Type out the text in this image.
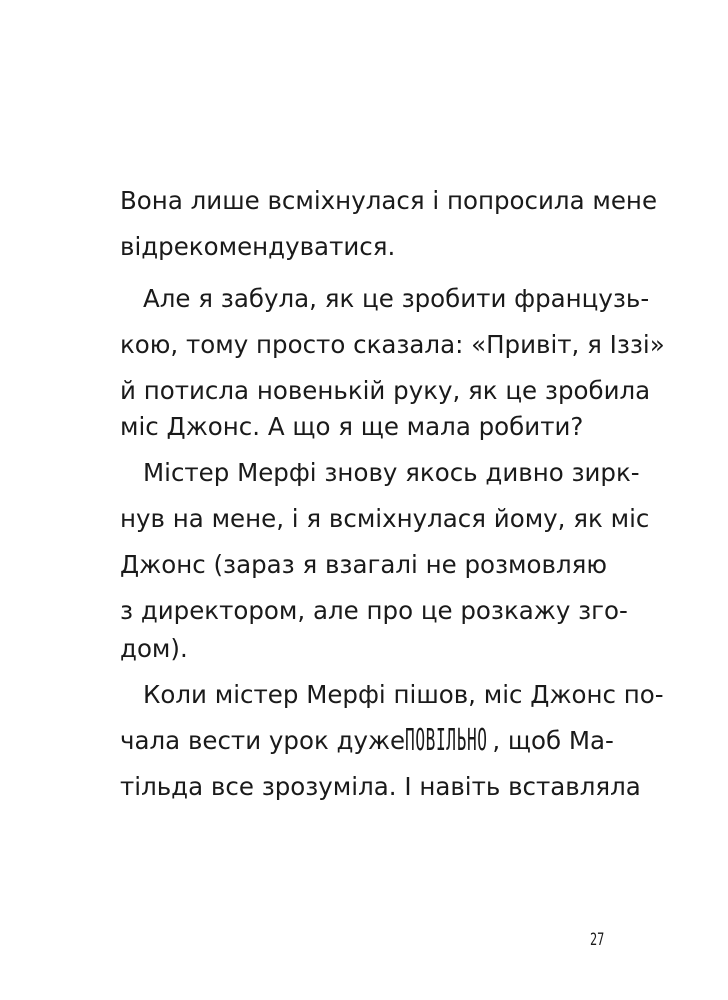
Вона лише всміхнулася і попросила мене
відрекомендуватися.
Але я забула, як це зробити французь-
кою, тому просто сказала: «Привіт, я Іззі»
й потисла новенькій руку, як це зробила
міс Джонс. А що я ще мала робити?
Містер Мерфі знову якось дивно зирк-
нув на мене, і я всміхнулася йому, як міс
Джонс (зараз я взагалі не розмовляю
з директором, але про це розкажу зго-
дом).
Коли містер Мерфі пішов, міс Джонс по-
чала вести урок дуже ПОВІЛЬНО , щоб Ма-
тільда все зрозуміла. І навіть вставляла
27
